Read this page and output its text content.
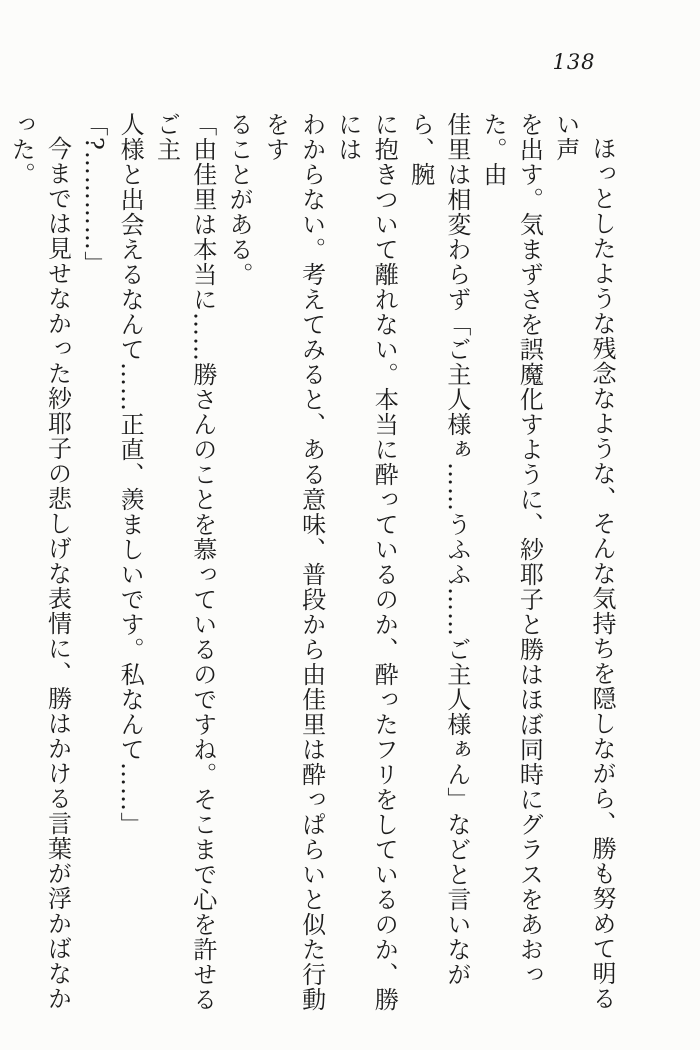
138

ほっとしたような残念なような、そんな気持ちを隠しながら、勝も努めて明るい声

を出す。気まずさを誤魔化すように、紗耶子と勝はほぼ同時にグラスをあおった。由

佳里は相変わらず「ご主人様ぁ……うふふ……ご主人様ぁん」などと言いながら、腕

に抱きついて離れない。本当に酔っているのか、酔ったフリをしているのか、勝には

わからない。考えてみると、ある意味、普段から由佳里は酔っぱらいと似た行動をす

ることがある。

「由佳里は本当に……勝さんのことを慕っているのですね。そこまで心を許せるご主

人様と出会えるなんて……正直、羨ましいです。私なんて……」

「?…………」

今までは見せなかった紗耶子の悲しげな表情に、勝はかける言葉が浮かばなかった。
